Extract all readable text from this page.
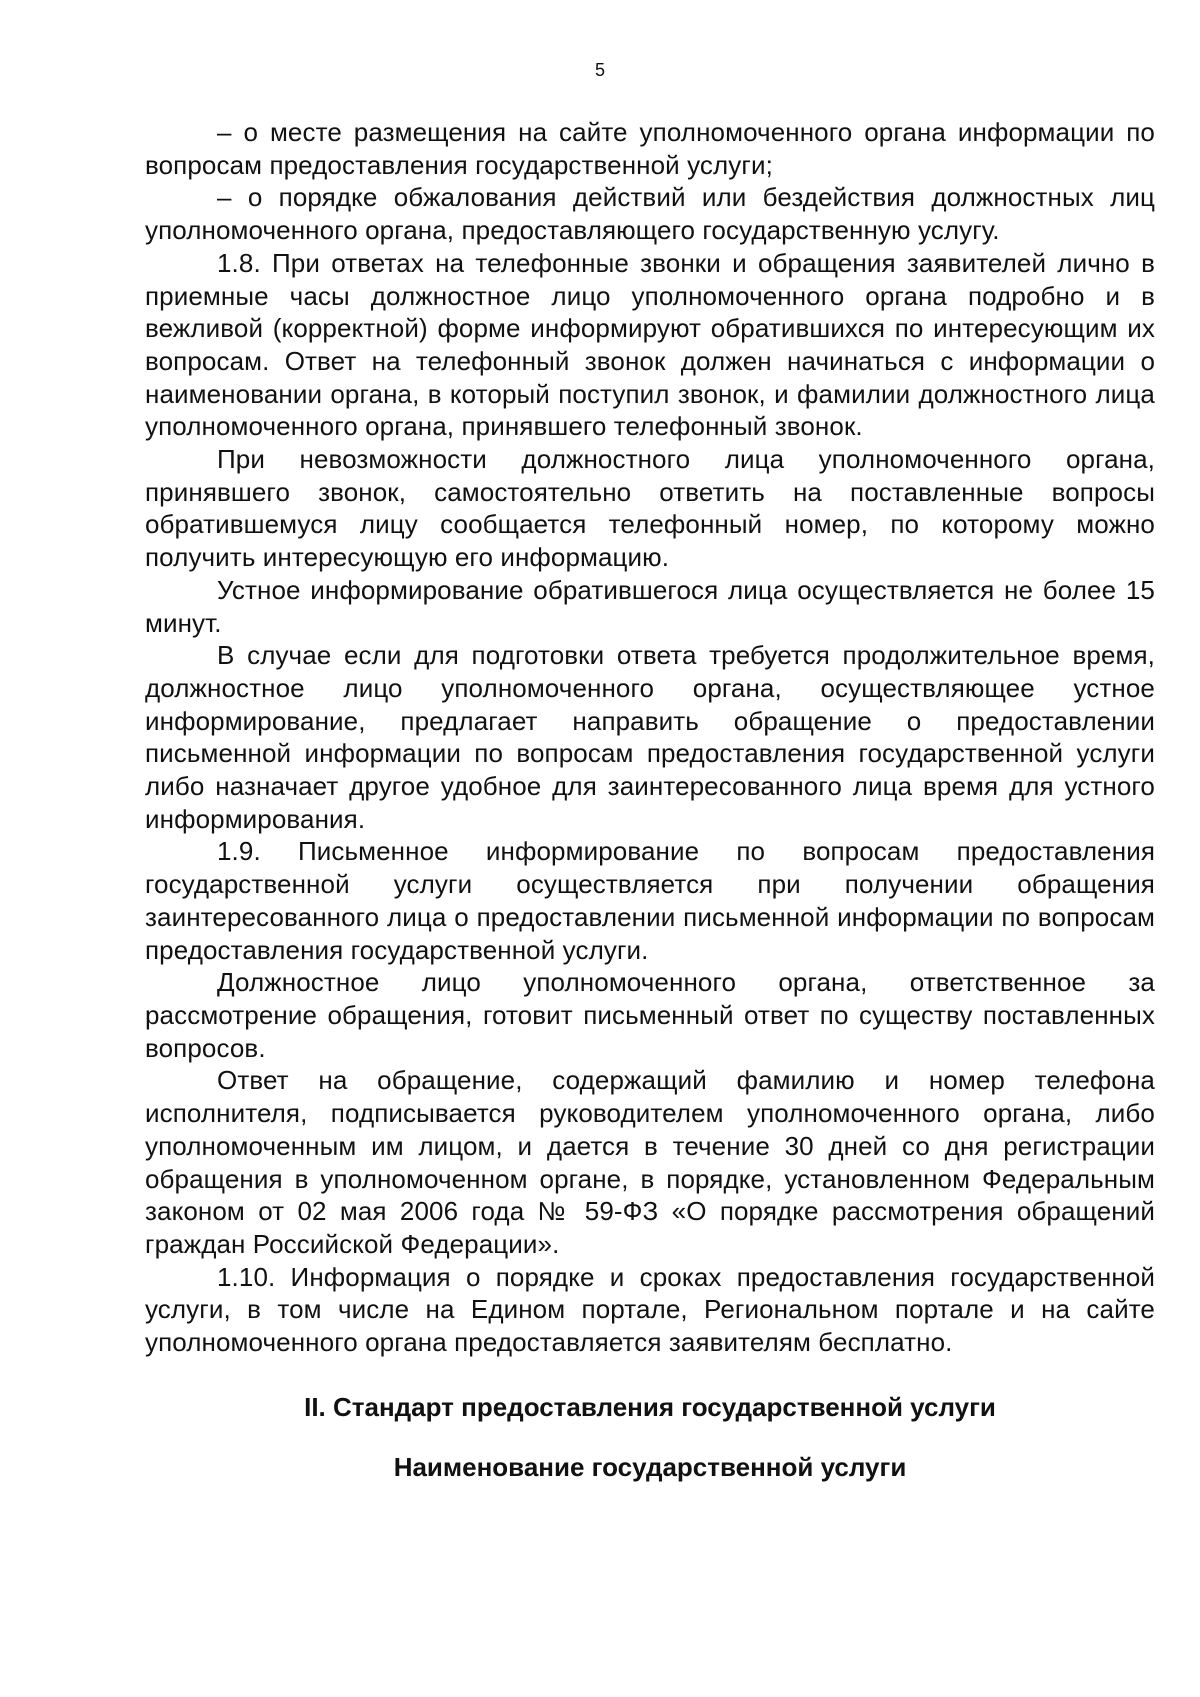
5

– о месте размещения на сайте уполномоченного органа информации по вопросам предоставления государственной услуги;

– о порядке обжалования действий или бездействия должностных лиц уполномоченного органа, предоставляющего государственную услугу.

1.8. При ответах на телефонные звонки и обращения заявителей лично в приемные часы должностное лицо уполномоченного органа подробно и в вежливой (корректной) форме информируют обратившихся по интересующим их вопросам. Ответ на телефонный звонок должен начинаться с информации о наименовании органа, в который поступил звонок, и фамилии должностного лица уполномоченного органа, принявшего телефонный звонок.

При невозможности должностного лица уполномоченного органа, принявшего звонок, самостоятельно ответить на поставленные вопросы обратившемуся лицу сообщается телефонный номер, по которому можно получить интересующую его информацию.

Устное информирование обратившегося лица осуществляется не более 15 минут.

В случае если для подготовки ответа требуется продолжительное время, должностное лицо уполномоченного органа, осуществляющее устное информирование, предлагает направить обращение о предоставлении письменной информации по вопросам предоставления государственной услуги либо назначает другое удобное для заинтересованного лица время для устного информирования.

1.9. Письменное информирование по вопросам предоставления государственной услуги осуществляется при получении обращения заинтересованного лица о предоставлении письменной информации по вопросам предоставления государственной услуги.

Должностное лицо уполномоченного органа, ответственное за рассмотрение обращения, готовит письменный ответ по существу поставленных вопросов.

Ответ на обращение, содержащий фамилию и номер телефона исполнителя, подписывается руководителем уполномоченного органа, либо уполномоченным им лицом, и дается в течение 30 дней со дня регистрации обращения в уполномоченном органе, в порядке, установленном Федеральным законом от 02 мая 2006 года № 59-ФЗ «О порядке рассмотрения обращений граждан Российской Федерации».

1.10. Информация о порядке и сроках предоставления государственной услуги, в том числе на Едином портале, Региональном портале и на сайте уполномоченного органа предоставляется заявителям бесплатно.

II. Стандарт предоставления государственной услуги
Наименование государственной услуги
